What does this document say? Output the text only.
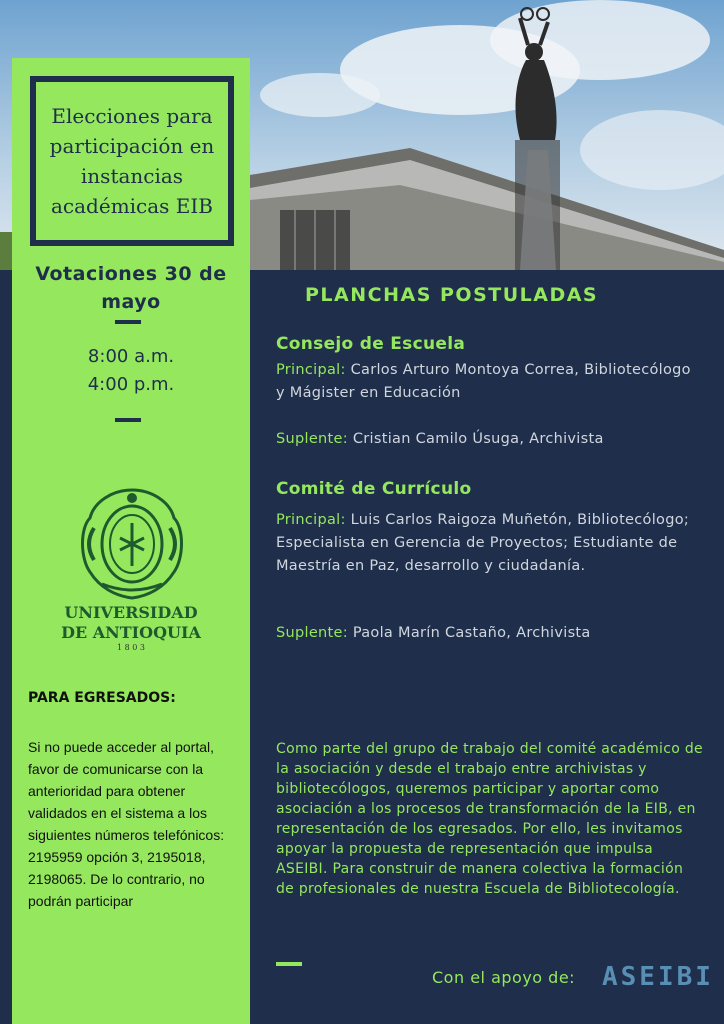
Elecciones para participación en instancias académicas EIB
Votaciones 30 de mayo
8:00 a.m.
4:00 p.m.
UNIVERSIDAD
DE ANTIOQUIA
1 8 0 3
PARA EGRESADOS:
Si no puede acceder al portal, favor de comunicarse con la anterioridad para obtener validados en el sistema a los siguientes números telefónicos: 2195959 opción 3, 2195018, 2198065. De lo contrario, no podrán participar
PLANCHAS POSTULADAS
Consejo de Escuela
Principal: Carlos Arturo Montoya Correa, Bibliotecólogo y Mágister en Educación
Suplente: Cristian Camilo Úsuga, Archivista
Comité de Currículo
Principal: Luis Carlos Raigoza Muñetón, Bibliotecólogo; Especialista en Gerencia de Proyectos; Estudiante de Maestría en Paz, desarrollo y ciudadanía.
Suplente: Paola Marín Castaño, Archivista
Como parte del grupo de trabajo del comité académico de la asociación y desde el trabajo entre archivistas y bibliotecólogos, queremos participar y aportar como asociación a los procesos de transformación de la EIB, en representación de los egresados. Por ello, les invitamos apoyar la propuesta de representación que impulsa ASEIBI. Para construir de manera colectiva la formación de profesionales de nuestra Escuela de Bibliotecología.
Con el apoyo de: ASEIBI
